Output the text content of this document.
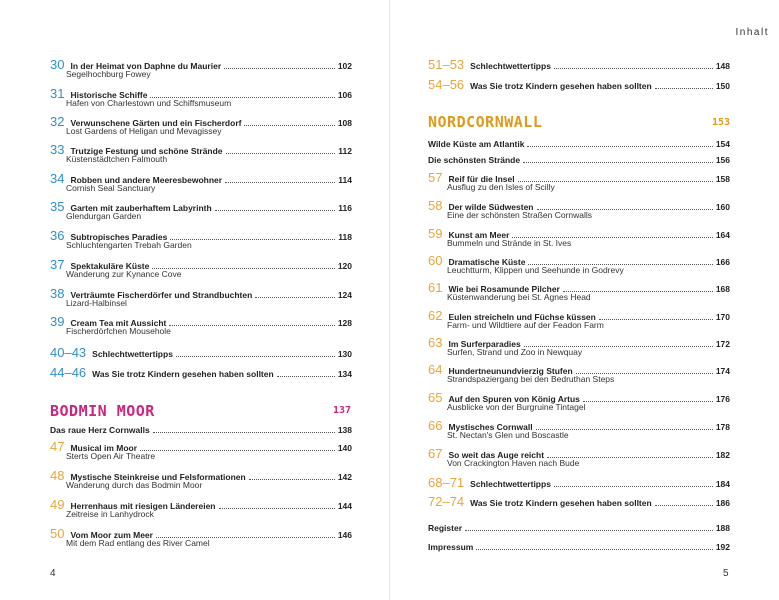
BODMIN MOOR	137
Das raue Herz Cornwalls	138
4
30 In der Heimat von Daphne du Maurier	102
Segelhochburg Fowey
31 Historische Schiffe	106
Hafen von Charlestown und Schiffsmuseum
32 Verwunschene Gärten und ein Fischerdorf	108
Lost Gardens of Heligan und Mevagissey
33 Trutzige Festung und schöne Strände	112
Küstenstädtchen Falmouth
34 Robben und andere Meeresbewohner	114
Cornish Seal Sanctuary
35 Garten mit zauberhaftem Labyrinth	116
Glendurgan Garden
36 Subtropisches Paradies	118
Schluchtengarten Trebah Garden
37 Spektakuläre Küste	120
Wanderung zur Kynance Cove
38 Verträumte Fischerdörfer und Strandbuchten	124
Lizard-Halbinsel
39 Cream Tea mit Aussicht	128
Fischerdörfchen Mousehole
40–43 Schlechtwettertipps	130
44–46 Was Sie trotz Kindern gesehen haben sollten	134
47 Musical im Moor	140
Sterts Open Air Theatre
48 Mystische Steinkreise und Felsformationen	142
Wanderung durch das Bodmin Moor
49 Herrenhaus mit riesigen Ländereien	144
Zeitreise in Lanhydrock
50 Vom Moor zum Meer	146
Mit dem Rad entlang des River Camel
Inhalt
NORDCORNWALL	153
5
51–53 Schlechtwettertipps	148
54–56 Was Sie trotz Kindern gesehen haben sollten	150
Wilde Küste am Atlantik	154
Die schönsten Strände	156
57 Reif für die Insel	158
Ausflug zu den Isles of Scilly
58 Der wilde Südwesten	160
Eine der schönsten Straßen Cornwalls
59 Kunst am Meer	164
Bummeln und Strände in St. Ives
60 Dramatische Küste	166
Leuchtturm, Klippen und Seehunde in Godrevy
61 Wie bei Rosamunde Pilcher	168
Küstenwanderung bei St. Agnes Head
62 Eulen streicheln und Füchse küssen	170
Farm- und Wildtiere auf der Feadon Farm
63 Im Surferparadies	172
Surfen, Strand und Zoo in Newquay
64 Hundertneunundvierzig Stufen	174
Strandspaziergang bei den Bedruthan Steps
65 Auf den Spuren von König Artus	176
Ausblicke von der Burgruine Tintagel
66 Mystisches Cornwall	178
St. Nectan's Glen und Boscastle
67 So weit das Auge reicht	182
Von Crackington Haven nach Bude
68–71 Schlechtwettertipps	184
72–74 Was Sie trotz Kindern gesehen haben sollten	186
Register	188
Impressum	192
